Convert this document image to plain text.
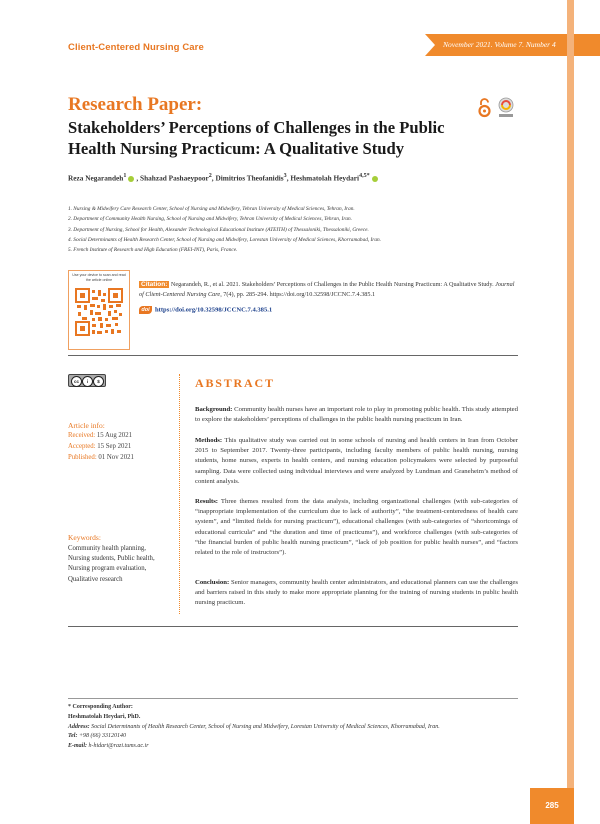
Client-Centered Nursing Care	November 2021. Volume 7. Number 4
Research Paper:
Stakeholders’ Perceptions of Challenges in the Public Health Nursing Practicum: A Qualitative Study
Reza Negarandeh$^1$ , Shahzad Pashaeypoor$^2$, Dimitrios Theofanidis$^3$, Heshmatolah Heydari$^{4,5*}$
1. Nursing & Midwifery Care Research Center, School of Nursing and Midwifery, Tehran University of Medical Sciences, Tehran, Iran.
2. Department of Community Health Nursing, School of Nursing and Midwifery, Tehran University of Medical Sciences, Tehran, Iran.
3. Department of Nursing, School for Health, Alexander Technological Educational Institute (ATEITH) of Thessaloniki, Thessaloniki, Greece.
4. Social Determinants of Health Research Center, School of Nursing and Midwifery, Lorestan University of Medical Sciences, Khorramabad, Iran.
5. French Institute of Research and High Education (FREI-INT), Paris, France.
Use your device to scan and read the article online
Citation: Negarandeh, R., et al. 2021. Stakeholders’ Perceptions of Challenges in the Public Health Nursing Practicum: A Qualitative Study. Journal of Client-Centered Nursing Care, 7(4), pp. 285-294. https://doi.org/10.32598/JCCNC.7.4.385.1
doi https://doi.org/10.32598/JCCNC.7.4.385.1
cc	i	$
Article info:
Received: 15 Aug 2021
Accepted: 15 Sep 2021
Published: 01 Nov 2021
Keywords:
Community health planning, Nursing students, Public health, Nursing program evaluation, Qualitative research
ABSTRACT
Background: Community health nurses have an important role to play in promoting public health. This study attempted to explore the stakeholders’ perceptions of challenges in the public health nursing practicum in Iran.
Methods: This qualitative study was carried out in some schools of nursing and health centers in Iran from October 2015 to September 2017. Twenty-three participants, including faculty members of public health nursing, nursing students, home nurses, experts in health centers, and nursing education policymakers were selected by purposeful sampling. Data were collected using individual interviews and were analyzed by Lundman and Graneheim’s method of content analysis.
Results: Three themes resulted from the data analysis, including organizational challenges (with sub-categories of “inappropriate implementation of the curriculum due to lack of authority”, “the treatment-centeredness of health care system”, and “limited fields for nursing practicum”), educational challenges (with sub-categories of “shortcomings of educational curricula” and “the duration and time of practicums”), and workforce challenges (with sub-categories of “the financial burden of public health nursing practicum”, “lack of job position for public health nurses”, and “factors related to the role of instructors”).
Conclusion: Senior managers, community health center administrators, and educational planners can use the challenges and barriers raised in this study to make more appropriate planning for the training of nursing students in public health nursing practicum.
* Corresponding Author:
Heshmatolah Heydari, PhD.
Address: Social Determinants of Health Research Center, School of Nursing and Midwifery, Lorestan University of Medical Sciences, Khorramabad, Iran.
Tel: +98 (66) 33120140
E-mail: h-hidari@razi.tums.ac.ir
285
